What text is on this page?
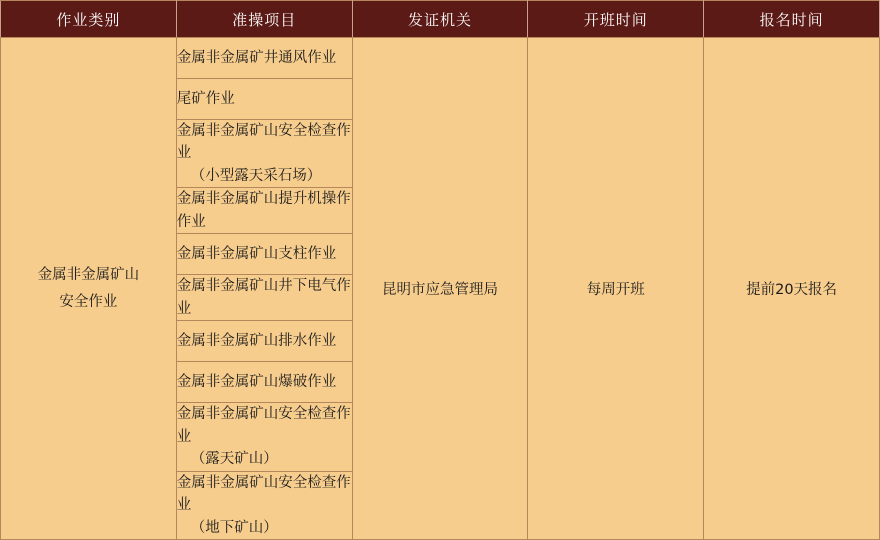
作业类别	准操项目	发证机关	开班时间	报名时间

金属非金属矿山
安全作业	金属非金属矿井通风作业	昆明市应急管理局	每周开班	提前20天报名
	尾矿作业			
	金属非金属矿山安全检查作业
（小型露天采石场）			

	金属非金属矿山提升机操作作业			
	金属非金属矿山支柱作业			
	金属非金属矿山井下电气作业			
	金属非金属矿山排水作业			
	金属非金属矿山爆破作业			
	金属非金属矿山安全检查作业
（露天矿山）			

	金属非金属矿山安全检查作业
（地下矿山）			
